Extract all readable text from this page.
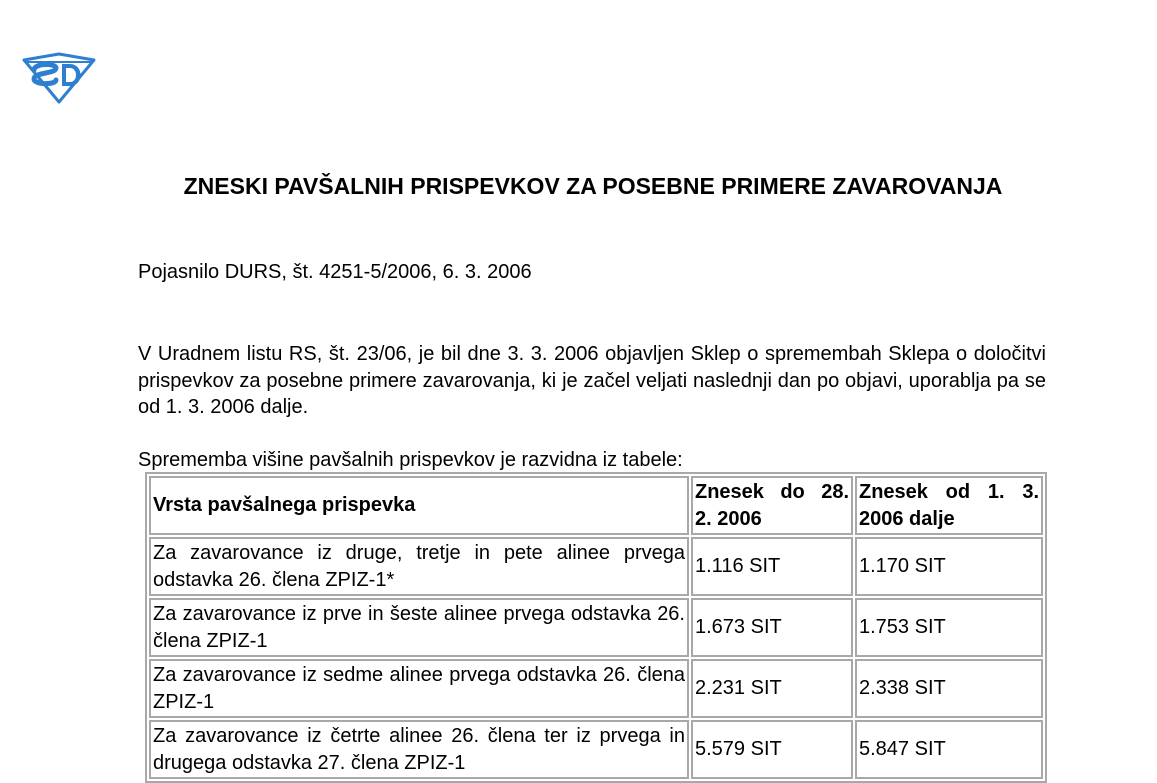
ZNESKI PAVŠALNIH PRISPEVKOV ZA POSEBNE PRIMERE ZAVAROVANJA
Pojasnilo DURS, št. 4251-5/2006, 6. 3. 2006
V Uradnem listu RS, št. 23/06, je bil dne 3. 3. 2006 objavljen Sklep o spremembah Sklepa o določitvi prispevkov za posebne primere zavarovanja, ki je začel veljati naslednji dan po objavi, uporablja pa se od 1. 3. 2006 dalje.
Sprememba višine pavšalnih prispevkov je razvidna iz tabele:
Vrsta pavšalnega prispevka	Znesek do 28. 2. 2006	Znesek od 1. 3. 2006 dalje
Za zavarovance iz druge, tretje in pete alinee prvega odstavka 26. člena ZPIZ-1*	1.116 SIT	1.170 SIT
Za zavarovance iz prve in šeste alinee prvega odstavka 26. člena ZPIZ-1	1.673 SIT	1.753 SIT
Za zavarovance iz sedme alinee prvega odstavka 26. člena ZPIZ-1	2.231 SIT	2.338 SIT
Za zavarovance iz četrte alinee 26. člena ter iz prvega in drugega odstavka 27. člena ZPIZ-1	5.579 SIT	5.847 SIT
